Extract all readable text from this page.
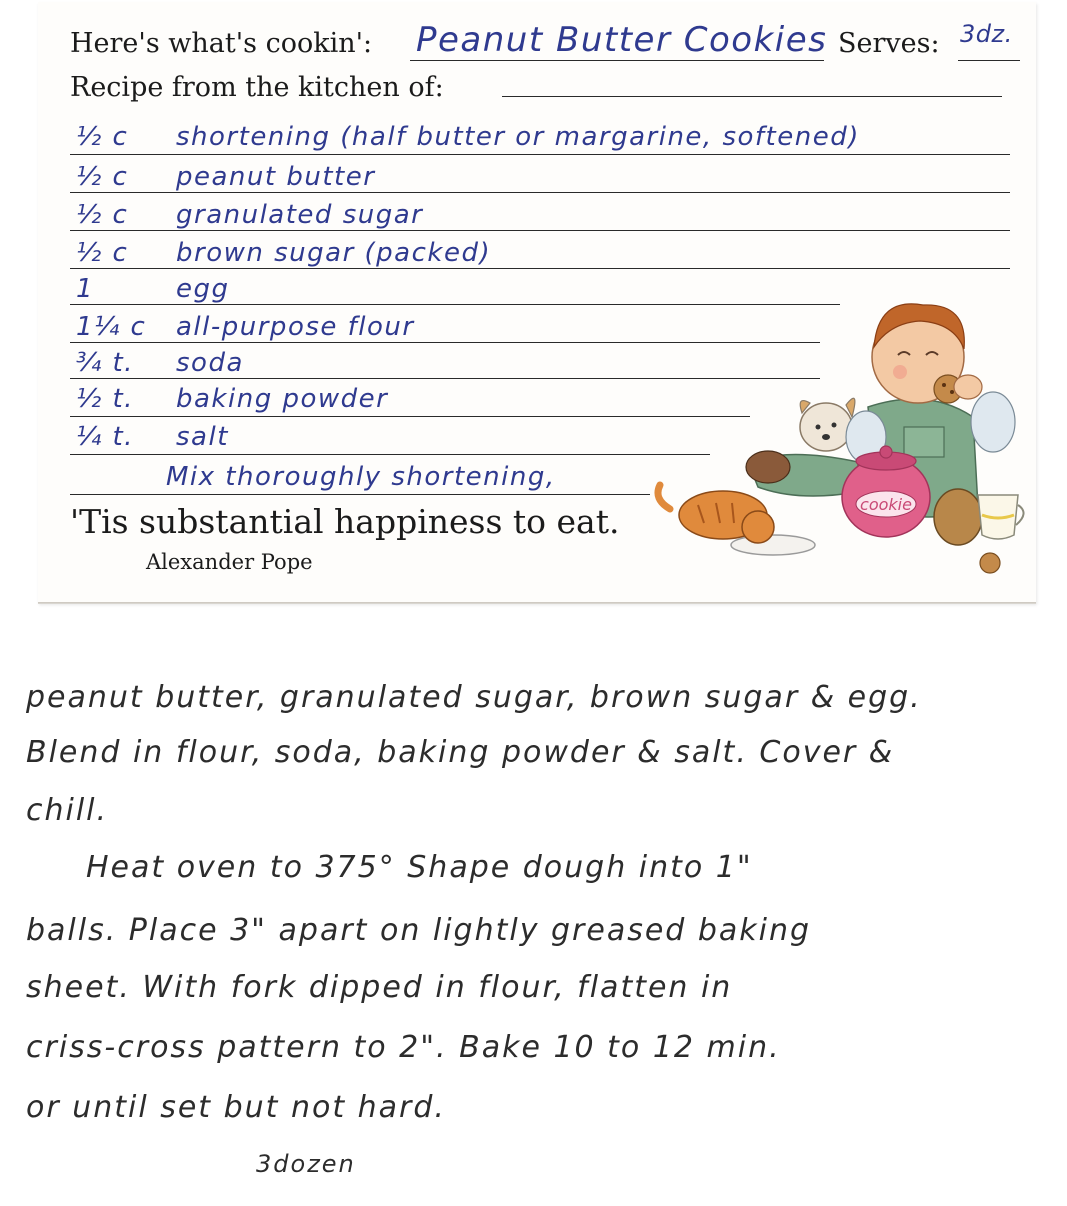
Here's what's cookin': Peanut Butter Cookies Serves: 3dz.
Recipe from the kitchen of:
½ c shortening (half butter or margarine, softened)
½ c peanut butter
½ c granulated sugar
½ c brown sugar (packed)
1	egg
1¼ c all-purpose flour
¾ t. soda
½ t. baking powder
¼ t. salt
Mix thoroughly shortening,
'Tis substantial happiness to eat.
Alexander Pope
cookie
peanut butter, granulated sugar, brown sugar & egg.
Blend in flour, soda, baking powder & salt. Cover &
chill.
Heat oven to 375° Shape dough into 1"
balls. Place 3" apart on lightly greased baking
sheet. With fork dipped in flour, flatten in
criss-cross pattern to 2". Bake 10 to 12 min.
or until set but not hard.
3dozen
